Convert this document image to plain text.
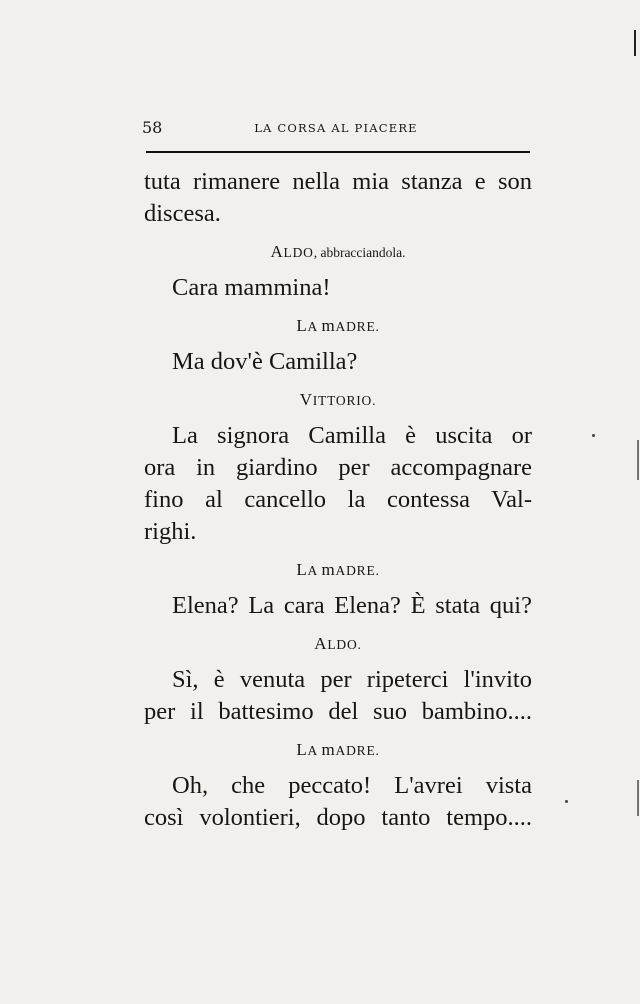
58	LA CORSA AL PIACERE
tuta rimanere nella mia stanza e son
discesa.
ALDO, abbracciandola.
Cara mammina!
LA mADRE.
Ma dov'è Camilla?
VITTORIO.
La signora Camilla è uscita or
ora in giardino per accompagnare
fino al cancello la contessa Val-
righi.
LA mADRE.
Elena? La cara Elena? È stata qui?
ALDO.
Sì, è venuta per ripeterci l'invito
per il battesimo del suo bambino....
LA mADRE.
Oh, che peccato! L'avrei vista
così volontieri, dopo tanto tempo....
